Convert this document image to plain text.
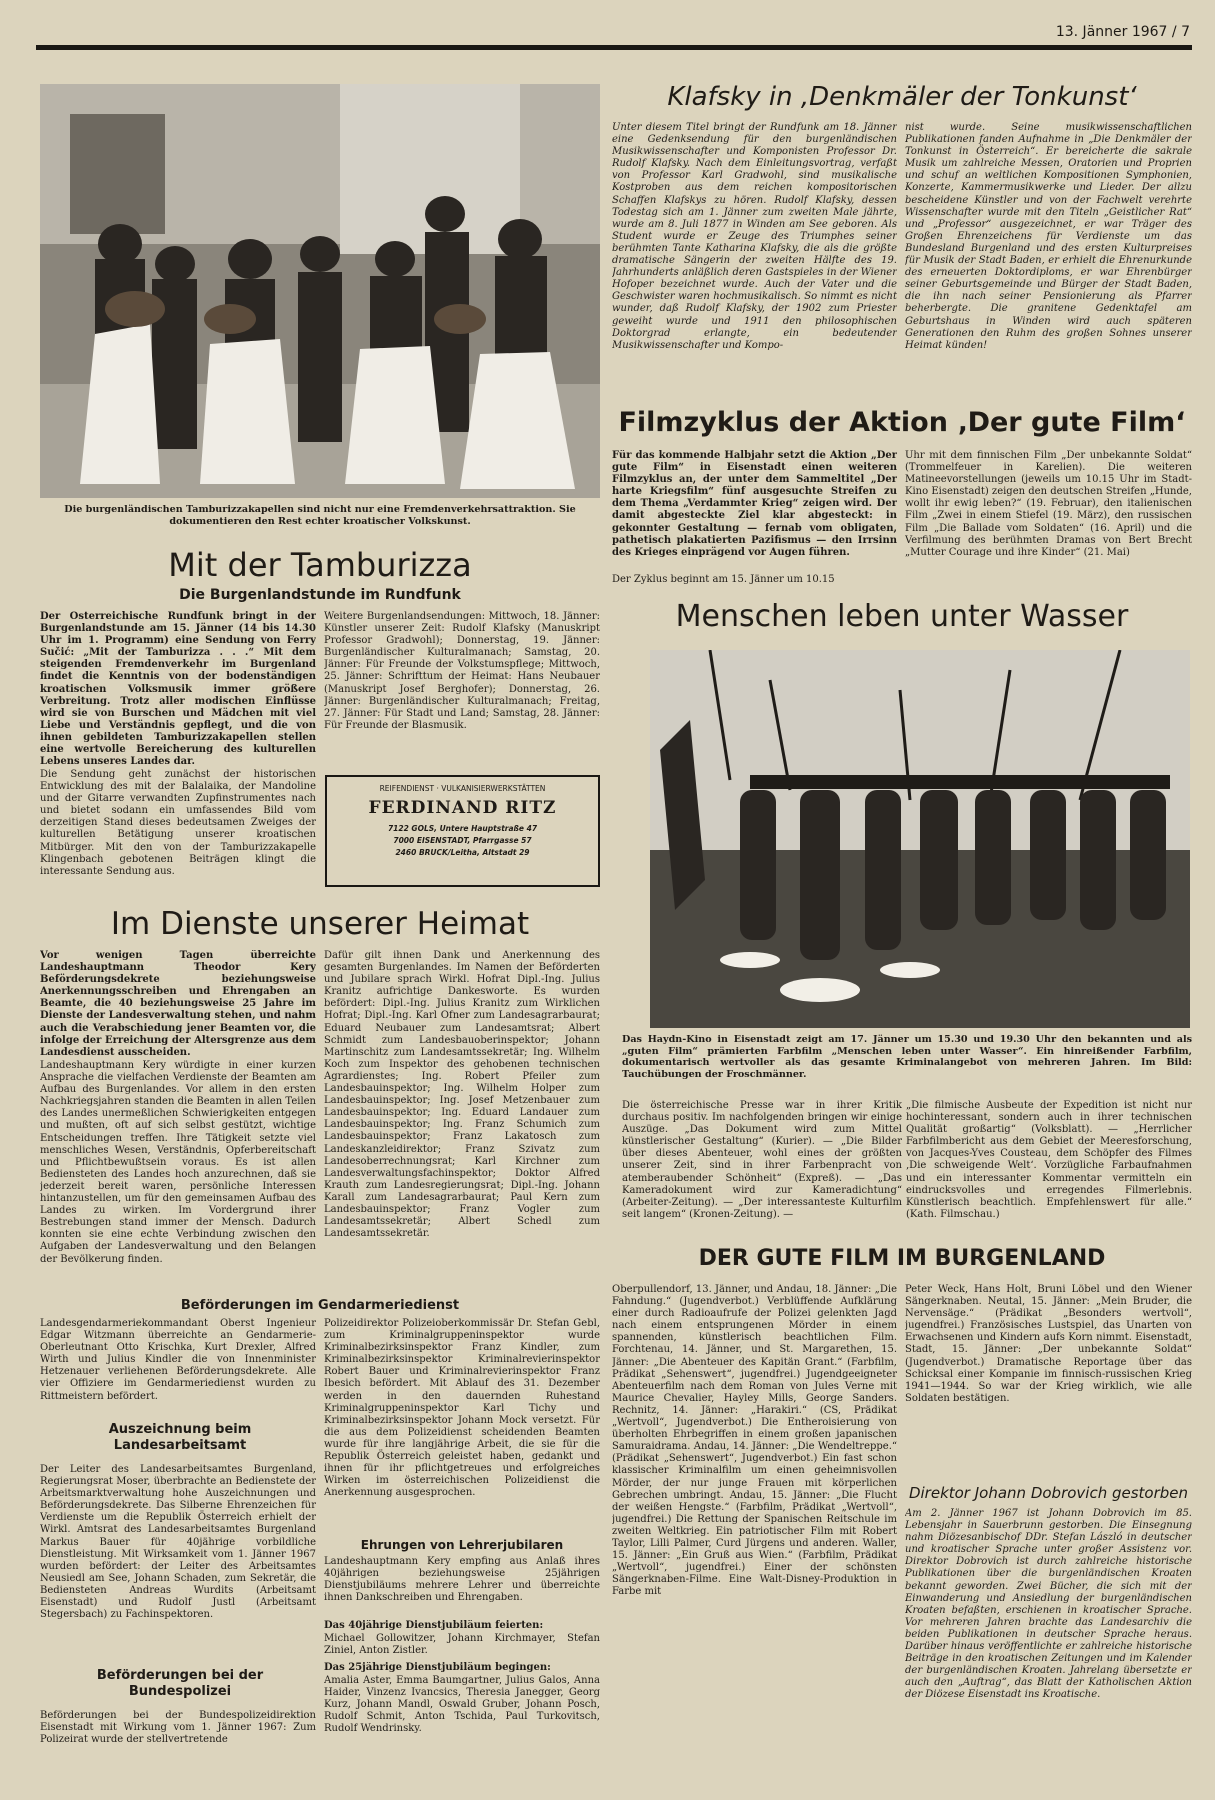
13. Jänner 1967 / 7
Die burgenländischen Tamburizzakapellen sind nicht nur eine Fremdenverkehrsattraktion. Sie dokumentieren den Rest echter kroatischer Volkskunst.
Mit der Tamburizza
Die Burgenlandstunde im Rundfunk
Der Österreichische Rundfunk bringt in der Burgenlandstunde am 15. Jänner (14 bis 14.30 Uhr im 1. Programm) eine Sendung von Ferry Sučić: „Mit der Tamburizza . . .“ Mit dem steigenden Fremdenverkehr im Burgenland findet die Kenntnis von der bodenständigen kroatischen Volksmusik immer größere Verbreitung. Trotz aller modischen Einflüsse wird sie von Burschen und Mädchen mit viel Liebe und Verständnis gepflegt, und die von ihnen gebildeten Tamburizzakapellen stellen eine wertvolle Bereicherung des kulturellen Lebens unseres Landes dar.
Die Sendung geht zunächst der historischen Entwicklung des mit der Balalaika, der Mandoline und der Gitarre verwandten Zupfinstrumentes nach und bietet sodann ein umfassendes Bild vom derzeitigen Stand dieses bedeutsamen Zweiges der kulturellen Betätigung unserer kroatischen Mitbürger. Mit den von der Tamburizzakapelle Klingenbach gebotenen Beiträgen klingt die interessante Sendung aus.
Weitere Burgenlandsendungen: Mittwoch, 18. Jänner: Künstler unserer Zeit: Rudolf Klafsky (Manuskript Professor Gradwohl); Donnerstag, 19. Jänner: Burgenländischer Kulturalmanach; Samstag, 20. Jänner: Für Freunde der Volkstumspflege; Mittwoch, 25. Jänner: Schrifttum der Heimat: Hans Neubauer (Manuskript Josef Berghofer); Donnerstag, 26. Jänner: Burgenländischer Kulturalmanach; Freitag, 27. Jänner: Für Stadt und Land; Samstag, 28. Jänner: Für Freunde der Blasmusik.
REIFENDIENST · VULKANISIERWERKSTÄTTEN
FERDINAND RITZ
7122 GOLS, Untere Hauptstraße 47
7000 EISENSTADT, Pfarrgasse 57
2460 BRUCK/Leitha, Altstadt 29
Im Dienste unserer Heimat
Vor wenigen Tagen überreichte Landeshauptmann Theodor Kery Beförderungsdekrete beziehungsweise Anerkennungsschreiben und Ehrengaben an Beamte, die 40 beziehungsweise 25 Jahre im Dienste der Landesverwaltung stehen, und nahm auch die Verabschiedung jener Beamten vor, die infolge der Erreichung der Altersgrenze aus dem Landesdienst ausscheiden.
Landeshauptmann Kery würdigte in einer kurzen Ansprache die vielfachen Verdienste der Beamten am Aufbau des Burgenlandes. Vor allem in den ersten Nachkriegsjahren standen die Beamten in allen Teilen des Landes unermeßlichen Schwierigkeiten entgegen und mußten, oft auf sich selbst gestützt, wichtige Entscheidungen treffen. Ihre Tätigkeit setzte viel menschliches Wesen, Verständnis, Opferbereitschaft und Pflichtbewußtsein voraus. Es ist allen Bediensteten des Landes hoch anzurechnen, daß sie jederzeit bereit waren, persönliche Interessen hintanzustellen, um für den gemeinsamen Aufbau des Landes zu wirken. Im Vordergrund ihrer Bestrebungen stand immer der Mensch. Dadurch konnten sie eine echte Verbindung zwischen den Aufgaben der Landesverwaltung und den Belangen der Bevölkerung finden.
Dafür gilt ihnen Dank und Anerkennung des gesamten Burgenlandes. Im Namen der Beförderten und Jubilare sprach Wirkl. Hofrat Dipl.-Ing. Julius Kranitz aufrichtige Dankesworte. Es wurden befördert: Dipl.-Ing. Julius Kranitz zum Wirklichen Hofrat; Dipl.-Ing. Karl Ofner zum Landesagrarbaurat; Eduard Neubauer zum Landesamtsrat; Albert Schmidt zum Landesbauoberinspektor; Johann Martinschitz zum Landesamtssekretär; Ing. Wilhelm Koch zum Inspektor des gehobenen technischen Agrardienstes; Ing. Robert Pfeiler zum Landesbauinspektor; Ing. Wilhelm Holper zum Landesbauinspektor; Ing. Josef Metzenbauer zum Landesbauinspektor; Ing. Eduard Landauer zum Landesbauinspektor; Ing. Franz Schumich zum Landesbauinspektor; Franz Lakatosch zum Landeskanzleidirektor; Franz Szivatz zum Landesoberrechnungsrat; Karl Kirchner zum Landesverwaltungsfachinspektor; Doktor Alfred Krauth zum Landesregierungsrat; Dipl.-Ing. Johann Karall zum Landesagrarbaurat; Paul Kern zum Landesbauinspektor; Franz Vogler zum Landesamtssekretär; Albert Schedl zum Landesamtssekretär.
Beförderungen im Gendarmeriedienst
Landesgendarmeriekommandant Oberst Ingenieur Edgar Witzmann überreichte an Gendarmerie-Oberleutnant Otto Krischka, Kurt Drexler, Alfred Wirth und Julius Kindler die von Innenminister Hetzenauer verliehenen Beförderungsdekrete. Alle vier Offiziere im Gendarmeriedienst wurden zu Rittmeistern befördert.
Polizeidirektor Polizeioberkommissär Dr. Stefan Gebl, zum Kriminalgruppeninspektor wurde Kriminalbezirksinspektor Franz Kindler, zum Kriminalbezirksinspektor Kriminalrevierinspektor Robert Bauer und Kriminalrevierinspektor Franz Ibesich befördert. Mit Ablauf des 31. Dezember werden in den dauernden Ruhestand Kriminalgruppeninspektor Karl Tichy und Kriminalbezirksinspektor Johann Mock versetzt. Für die aus dem Polizeidienst scheidenden Beamten wurde für ihre langjährige Arbeit, die sie für die Republik Österreich geleistet haben, gedankt und ihnen für ihr pflichtgetreues und erfolgreiches Wirken im österreichischen Polizeidienst die Anerkennung ausgesprochen.
Auszeichnung beim Landesarbeitsamt
Der Leiter des Landesarbeitsamtes Burgenland, Regierungsrat Moser, überbrachte an Bedienstete der Arbeitsmarktverwaltung hohe Auszeichnungen und Beförderungsdekrete. Das Silberne Ehrenzeichen für Verdienste um die Republik Österreich erhielt der Wirkl. Amtsrat des Landesarbeitsamtes Burgenland Markus Bauer für 40jährige vorbildliche Dienstleistung. Mit Wirksamkeit vom 1. Jänner 1967 wurden befördert: der Leiter des Arbeitsamtes Neusiedl am See, Johann Schaden, zum Sekretär, die Bediensteten Andreas Wurdits (Arbeitsamt Eisenstadt) und Rudolf Justl (Arbeitsamt Stegersbach) zu Fachinspektoren.
Beförderungen bei der Bundespolizei
Beförderungen bei der Bundespolizeidirektion Eisenstadt mit Wirkung vom 1. Jänner 1967: Zum Polizeirat wurde der stellvertretende
Ehrungen von Lehrerjubilaren
Landeshauptmann Kery empfing aus Anlaß ihres 40jährigen beziehungsweise 25jährigen Dienstjubiläums mehrere Lehrer und überreichte ihnen Dankschreiben und Ehrengaben.
Das 40jährige Dienstjubiläum feierten:
Michael Gollowitzer, Johann Kirchmayer, Stefan Ziniel, Anton Zistler.
Das 25jährige Dienstjubiläum begingen:
Amalia Aster, Emma Baumgartner, Julius Galos, Anna Haider, Vinzenz Ivancsics, Theresia Janegger, Georg Kurz, Johann Mandl, Oswald Gruber, Johann Posch, Rudolf Schmit, Anton Tschida, Paul Turkovitsch, Rudolf Wendrinsky.
Klafsky in ‚Denkmäler der Tonkunst‘
Unter diesem Titel bringt der Rundfunk am 18. Jänner eine Gedenksendung für den burgenländischen Musikwissenschafter und Komponisten Professor Dr. Rudolf Klafsky. Nach dem Einleitungsvortrag, verfaßt von Professor Karl Gradwohl, sind musikalische Kostproben aus dem reichen kompositorischen Schaffen Klafskys zu hören. Rudolf Klafsky, dessen Todestag sich am 1. Jänner zum zweiten Male jährte, wurde am 8. Juli 1877 in Winden am See geboren. Als Student wurde er Zeuge des Triumphes seiner berühmten Tante Katharina Klafsky, die als die größte dramatische Sängerin der zweiten Hälfte des 19. Jahrhunderts anläßlich deren Gastspieles in der Wiener Hofoper bezeichnet wurde. Auch der Vater und die Geschwister waren hochmusikalisch. So nimmt es nicht wunder, daß Rudolf Klafsky, der 1902 zum Priester geweiht wurde und 1911 den philosophischen Doktorgrad erlangte, ein bedeutender Musikwissenschafter und Kompo-
nist wurde. Seine musikwissenschaftlichen Publikationen fanden Aufnahme in „Die Denkmäler der Tonkunst in Österreich“. Er bereicherte die sakrale Musik um zahlreiche Messen, Oratorien und Proprien und schuf an weltlichen Kompositionen Symphonien, Konzerte, Kammermusikwerke und Lieder. Der allzu bescheidene Künstler und von der Fachwelt verehrte Wissenschafter wurde mit den Titeln „Geistlicher Rat“ und „Professor“ ausgezeichnet, er war Träger des Großen Ehrenzeichens für Verdienste um das Bundesland Burgenland und des ersten Kulturpreises für Musik der Stadt Baden, er erhielt die Ehrenurkunde des erneuerten Doktordiploms, er war Ehrenbürger seiner Geburtsgemeinde und Bürger der Stadt Baden, die ihn nach seiner Pensionierung als Pfarrer beherbergte. Die granitene Gedenktafel am Geburtshaus in Winden wird auch späteren Generationen den Ruhm des großen Sohnes unserer Heimat künden!
Filmzyklus der Aktion ‚Der gute Film‘
Für das kommende Halbjahr setzt die Aktion „Der gute Film“ in Eisenstadt einen weiteren Filmzyklus an, der unter dem Sammeltitel „Der harte Kriegsfilm“ fünf ausgesuchte Streifen zu dem Thema „Verdammter Krieg“ zeigen wird. Der damit abgesteckte Ziel klar abgesteckt: in gekonnter Gestaltung — fernab vom obligaten, pathetisch plakatierten Pazifismus — den Irrsinn des Krieges einprägend vor Augen führen.
Der Zyklus beginnt am 15. Jänner um 10.15
Uhr mit dem finnischen Film „Der unbekannte Soldat“ (Trommelfeuer in Karelien). Die weiteren Matineevorstellungen (jeweils um 10.15 Uhr im Stadt-Kino Eisenstadt) zeigen den deutschen Streifen „Hunde, wollt ihr ewig leben?“ (19. Februar), den italienischen Film „Zwei in einem Stiefel (19. März), den russischen Film „Die Ballade vom Soldaten“ (16. April) und die Verfilmung des berühmten Dramas von Bert Brecht „Mutter Courage und ihre Kinder“ (21. Mai)
Menschen leben unter Wasser
Das Haydn-Kino in Eisenstadt zeigt am 17. Jänner um 15.30 und 19.30 Uhr den bekannten und als „guten Film“ prämierten Farbfilm „Menschen leben unter Wasser“. Ein hinreißender Farbfilm, dokumentarisch wertvoller als das gesamte Kriminalangebot von mehreren Jahren. Im Bild: Tauchübungen der Froschmänner.
Die österreichische Presse war in ihrer Kritik durchaus positiv. Im nachfolgenden bringen wir einige Auszüge. „Das Dokument wird zum Mittel künstlerischer Gestaltung“ (Kurier). — „Die Bilder über dieses Abenteuer, wohl eines der größten unserer Zeit, sind in ihrer Farbenpracht von atemberaubender Schönheit“ (Expreß). — „Das Kameradokument wird zur Kameradichtung“ (Arbeiter-Zeitung). — „Der interessanteste Kulturfilm seit langem“ (Kronen-Zeitung). —
„Die filmische Ausbeute der Expedition ist nicht nur hochinteressant, sondern auch in ihrer technischen Qualität großartig“ (Volksblatt). — „Herrlicher Farbfilmbericht aus dem Gebiet der Meeresforschung, von Jacques-Yves Cousteau, dem Schöpfer des Filmes ‚Die schweigende Welt‘. Vorzügliche Farbaufnahmen und ein interessanter Kommentar vermitteln ein eindrucksvolles und erregendes Filmerlebnis. Künstlerisch beachtlich. Empfehlenswert für alle.“ (Kath. Filmschau.)
DER GUTE FILM IM BURGENLAND
Oberpullendorf, 13. Jänner, und Andau, 18. Jänner: „Die Fahndung.“ (Jugendverbot.) Verblüffende Aufklärung einer durch Radioaufrufe der Polizei gelenkten Jagd nach einem entsprungenen Mörder in einem spannenden, künstlerisch beachtlichen Film. Forchtenau, 14. Jänner, und St. Margarethen, 15. Jänner: „Die Abenteuer des Kapitän Grant.“ (Farbfilm, Prädikat „Sehenswert“, jugendfrei.) Jugendgeeigneter Abenteuerfilm nach dem Roman von Jules Verne mit Maurice Chevalier, Hayley Mills, George Sanders. Rechnitz, 14. Jänner: „Harakiri.“ (CS, Prädikat „Wertvoll“, Jugendverbot.) Die Entheroisierung von überholten Ehrbegriffen in einem großen japanischen Samuraidrama. Andau, 14. Jänner: „Die Wendeltreppe.“ (Prädikat „Sehenswert“, Jugendverbot.) Ein fast schon klassischer Kriminalfilm um einen geheimnisvollen Mörder, der nur junge Frauen mit körperlichen Gebrechen umbringt. Andau, 15. Jänner: „Die Flucht der weißen Hengste.“ (Farbfilm, Prädikat „Wertvoll“, jugendfrei.) Die Rettung der Spanischen Reitschule im zweiten Weltkrieg. Ein patriotischer Film mit Robert Taylor, Lilli Palmer, Curd Jürgens und anderen. Waller, 15. Jänner: „Ein Gruß aus Wien.“ (Farbfilm, Prädikat „Wertvoll“, jugendfrei.) Einer der schönsten Sängerknaben-Filme. Eine Walt-Disney-Produktion in Farbe mit
Peter Weck, Hans Holt, Bruni Löbel und den Wiener Sängerknaben. Neutal, 15. Jänner: „Mein Bruder, die Nervensäge.“ (Prädikat „Besonders wertvoll“, jugendfrei.) Französisches Lustspiel, das Unarten von Erwachsenen und Kindern aufs Korn nimmt. Eisenstadt, Stadt, 15. Jänner: „Der unbekannte Soldat“ (Jugendverbot.) Dramatische Reportage über das Schicksal einer Kompanie im finnisch-russischen Krieg 1941—1944. So war der Krieg wirklich, wie alle Soldaten bestätigen.
Direktor Johann Dobrovich gestorben
Am 2. Jänner 1967 ist Johann Dobrovich im 85. Lebensjahr in Sauerbrunn gestorben. Die Einsegnung nahm Diözesanbischof DDr. Stefan László in deutscher und kroatischer Sprache unter großer Assistenz vor. Direktor Dobrovich ist durch zahlreiche historische Publikationen über die burgenländischen Kroaten bekannt geworden. Zwei Bücher, die sich mit der Einwanderung und Ansiedlung der burgenländischen Kroaten befaßten, erschienen in kroatischer Sprache. Vor mehreren Jahren brachte das Landesarchiv die beiden Publikationen in deutscher Sprache heraus. Darüber hinaus veröffentlichte er zahlreiche historische Beiträge in den kroatischen Zeitungen und im Kalender der burgenländischen Kroaten. Jahrelang übersetzte er auch den „Auftrag“, das Blatt der Katholischen Aktion der Diözese Eisenstadt ins Kroatische.
